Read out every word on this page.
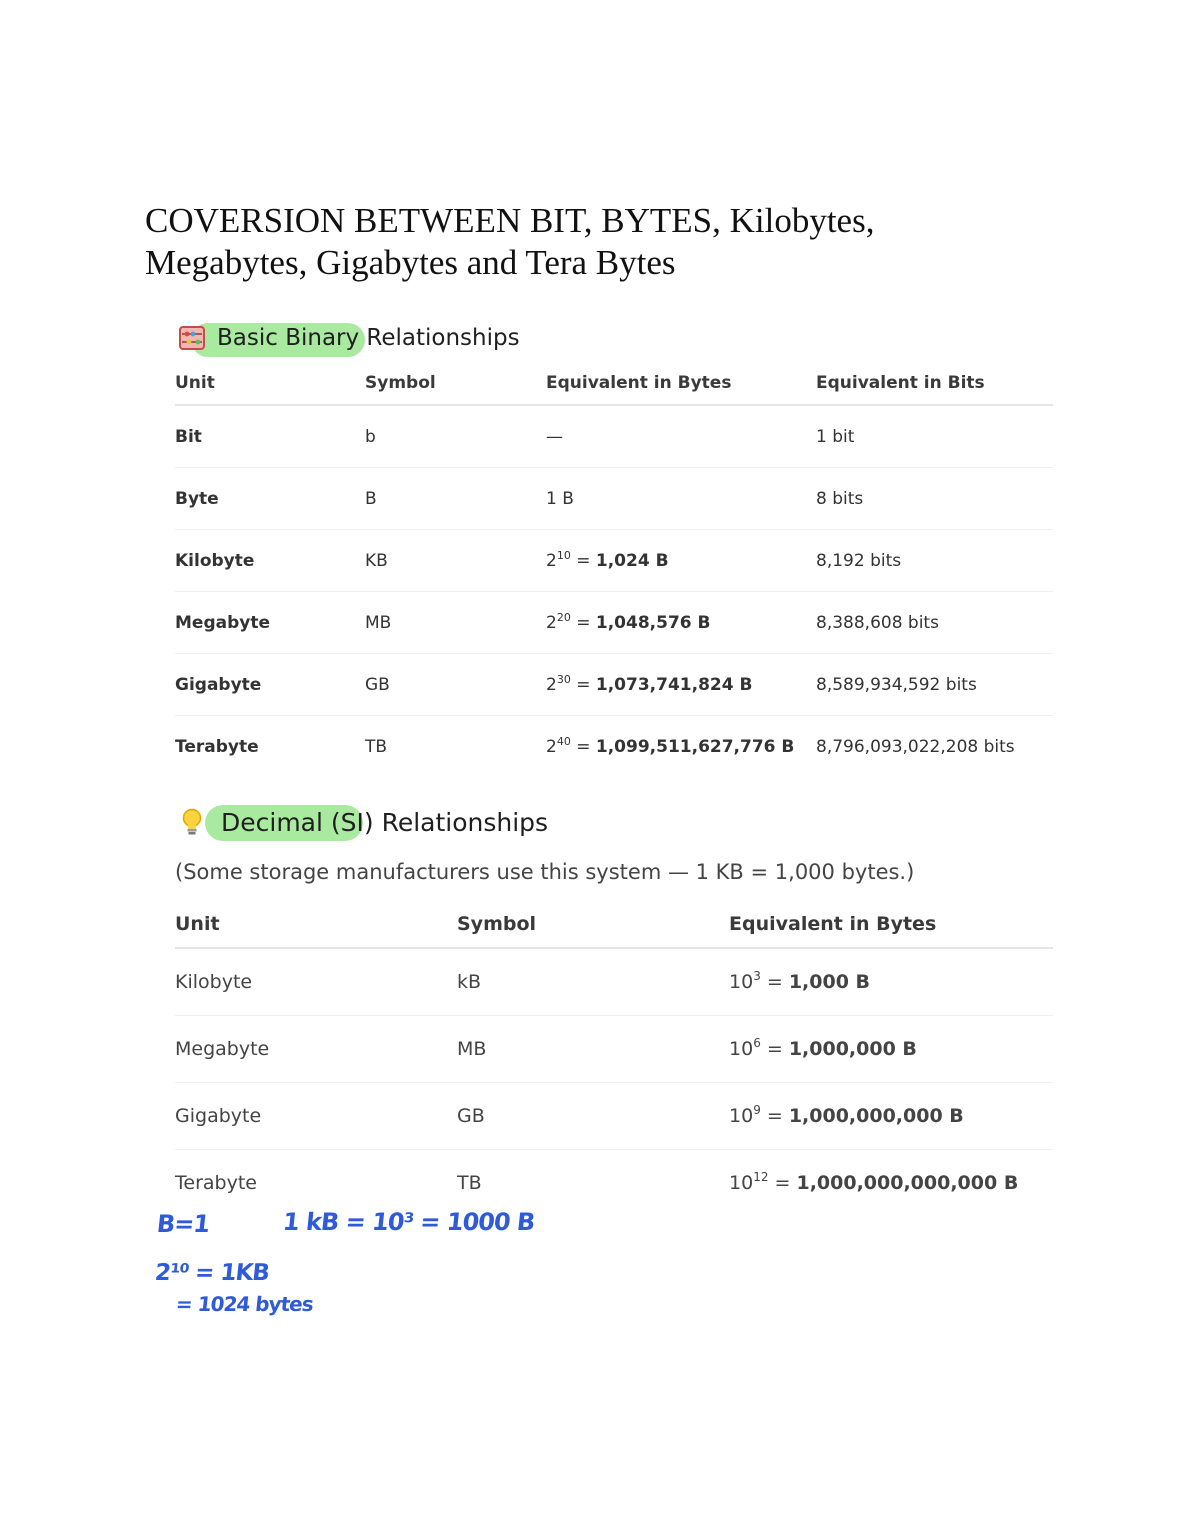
COVERSION BETWEEN BIT, BYTES, Kilobytes,
Megabytes, Gigabytes and Tera Bytes
Basic Binary Relationships
Unit	Symbol	Equivalent in Bytes	Equivalent in Bits
Bit	b	—	1 bit
Byte	B	1 B	8 bits
Kilobyte	KB	$2^{10} = 1,024$ B	8,192 bits
Megabyte	MB	$2^{20} = 1,048,576$ B	8,388,608 bits
Gigabyte	GB	$2^{30} = 1,073,741,824$ B	8,589,934,592 bits
Terabyte	TB	$2^{40} = 1,099,511,627,776$ B	8,796,093,022,208 bits
Decimal (SI) Relationships

(Some storage manufacturers use this system — 1 KB = 1,000 bytes.)

Unit	Symbol	Equivalent in Bytes
Kilobyte	kB	$10^3 = 1,000$ B
Megabyte	MB	$10^6 = 1,000,000$ B
Gigabyte	GB	$10^9 = 1,000,000,000$ B
Terabyte	TB	$10^{12} = 1,000,000,000,000$ B
B=1	1 kB = 10³ = 1000 B
2¹⁰ = 1KB
= 1024 bytes
